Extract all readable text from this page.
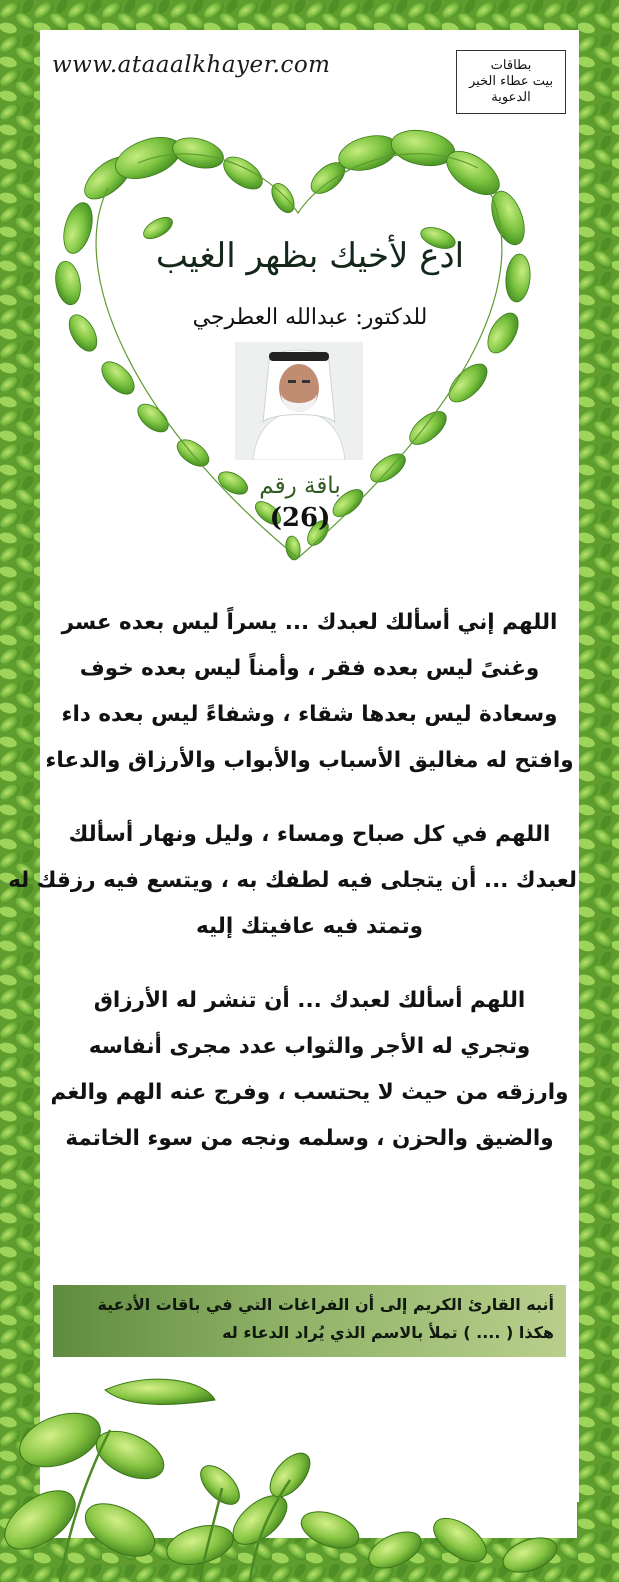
www.ataaalkhayer.com	بطاقات
بيت عطاء الخير
الدعوية
ادع لأخيك بظهر الغيب
للدكتور: عبدالله العطرجي
باقة رقم
(26)
اللهم إني أسألك لعبدك ... يسراً ليس بعده عسر
وغنىً ليس بعده فقر ، وأمناً ليس بعده خوف
وسعادة ليس بعدها شقاء ، وشفاءً ليس بعده داء
وافتح له مغاليق الأسباب والأبواب والأرزاق والدعاء
اللهم في كل صباح ومساء ، وليل ونهار أسألك
لعبدك ... أن يتجلى فيه لطفك به ، ويتسع فيه رزقك له
وتمتد فيه عافيتك إليه
اللهم أسألك لعبدك ... أن تنشر له الأرزاق
وتجري له الأجر والثواب عدد مجرى أنفاسه
وارزقه من حيث لا يحتسب ، وفرج عنه الهم والغم
والضيق والحزن ، وسلمه ونجه من سوء الخاتمة
أنبه القارئ الكريم إلى أن الفراغات التي في باقات الأدعية
هكذا ( .... ) تملأ بالاسم الذي يُراد الدعاء له
